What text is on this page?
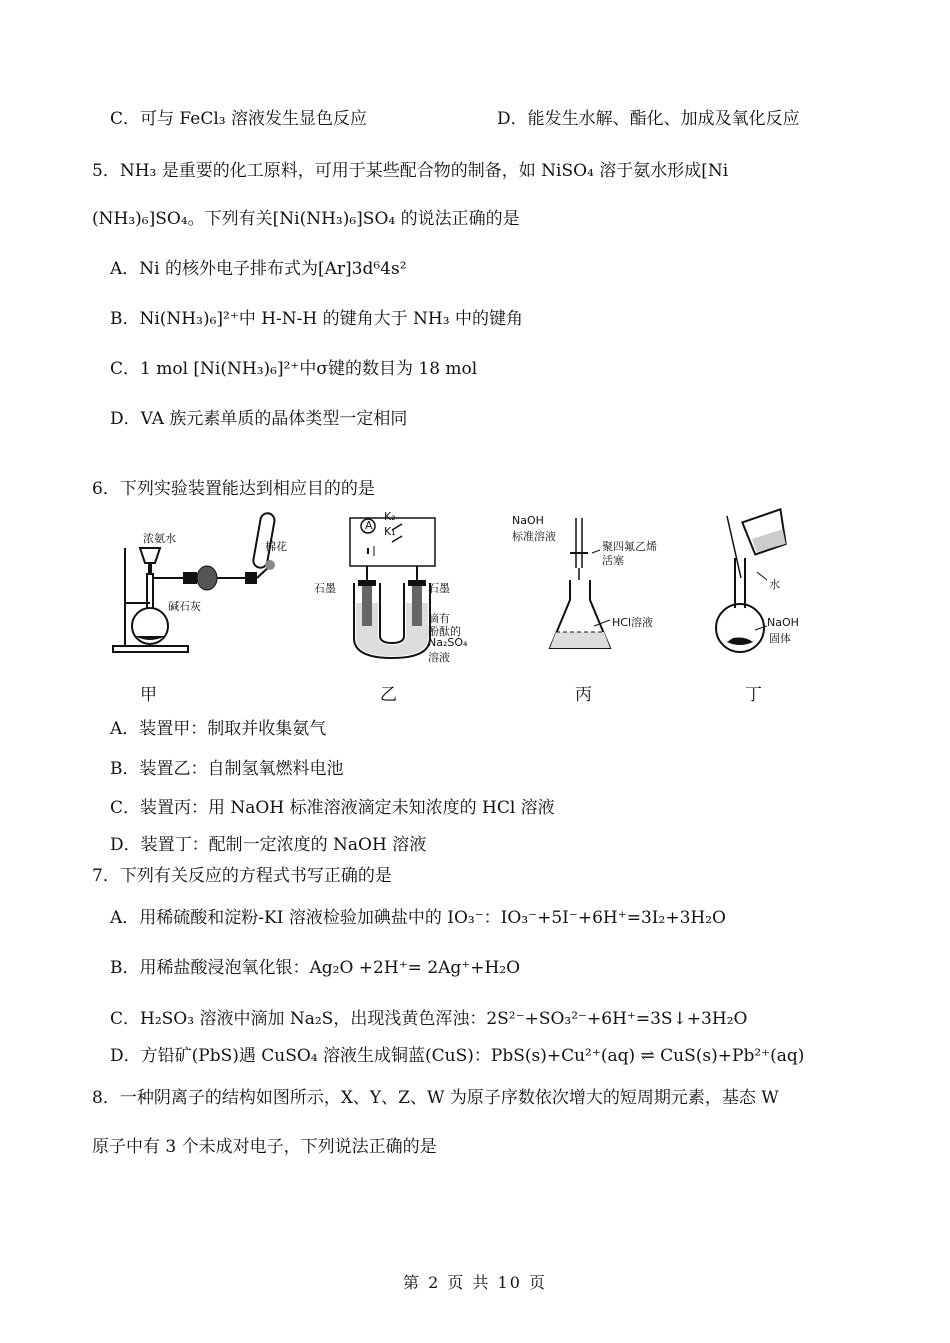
C．可与 FeCl₃ 溶液发生显色反应	D．能发生水解、酯化、加成及氧化反应
5．NH₃ 是重要的化工原料，可用于某些配合物的制备，如 NiSO₄ 溶于氨水形成[Ni
(NH₃)₆]SO₄。下列有关[Ni(NH₃)₆]SO₄ 的说法正确的是
A．Ni 的核外电子排布式为[Ar]3d⁶4s²
B．Ni(NH₃)₆]²⁺中 H-N-H 的键角大于 NH₃ 中的键角
C．1 mol [Ni(NH₃)₆]²⁺中σ键的数目为 18 mol
D．VA 族元素单质的晶体类型一定相同
6．下列实验装置能达到相应目的的是
浓氨水
棉花
碱石灰
甲
A
K₂
K₁
石墨	石墨
滴有
酚酞的
Na₂SO₄
溶液
乙
NaOH
标准溶液
聚四氟乙烯
活塞
HCl溶液
丙
水
NaOH
固体
丁
A．装置甲：制取并收集氨气
B．装置乙：自制氢氧燃料电池
C．装置丙：用 NaOH 标准溶液滴定未知浓度的 HCl 溶液
D．装置丁：配制一定浓度的 NaOH 溶液
7．下列有关反应的方程式书写正确的是
A．用稀硫酸和淀粉-KI 溶液检验加碘盐中的 IO₃⁻：IO₃⁻+5I⁻+6H⁺=3I₂+3H₂O
B．用稀盐酸浸泡氧化银：Ag₂O +2H⁺= 2Ag⁺+H₂O
C．H₂SO₃ 溶液中滴加 Na₂S，出现浅黄色浑浊：2S²⁻+SO₃²⁻+6H⁺=3S↓+3H₂O
D．方铅矿(PbS)遇 CuSO₄ 溶液生成铜蓝(CuS)：PbS(s)+Cu²⁺(aq) ⇌ CuS(s)+Pb²⁺(aq)
8．一种阴离子的结构如图所示，X、Y、Z、W 为原子序数依次增大的短周期元素，基态 W
原子中有 3 个未成对电子，下列说法正确的是
第 2 页 共 10 页
